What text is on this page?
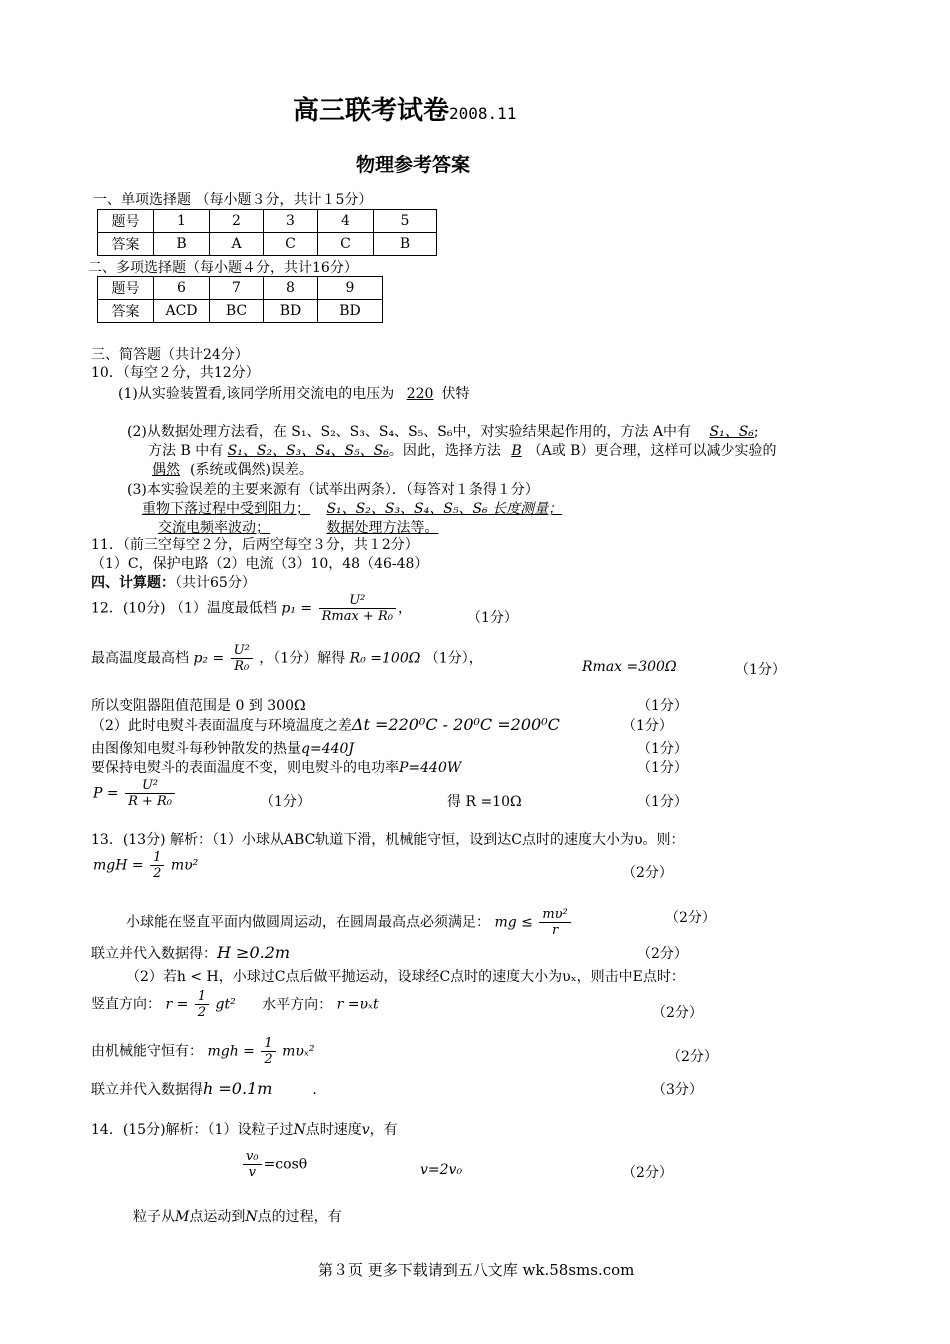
高三联考试卷2008.11
物理参考答案
一、单项选择题 （每小题３分，共计１5分）
题号	1	2	3	4	5
答案	B	A	C	C	B
二、多项选择题（每小题４分，共计16分）
题号	6	7	8	9
答案	ACD	BC	BD	BD
三、简答题（共计24分）
10．（每空２分，共12分）
(1)从实验装置看,该同学所用交流电的电压为 220 伏特
(2)从数据处理方法看，在 S₁、S₂、S₃、S₄、S₅、S₆中，对实验结果起作用的，方法 A中有 S₁、S₆;
方法 B 中有 S₁、S₂、S₃、S₄、S₅、S₆。因此，选择方法 B （A或 B）更合理，这样可以减少实验的
偶然 (系统或偶然)误差。
(3)本实验误差的主要来源有（试举出两条）．（每答对１条得１分）
重物下落过程中受到阻力； S₁、S₂、S₃、S₄、S₅、S₆ 长度测量；
交流电频率波动；	数据处理方法等。
11．（前三空每空２分，后两空每空３分，共１2分）
（1）C，保护电路（2）电流（3）10，48（46-48）
四、计算题：（共计65分）
12．(10分) （1）温度最低档 $p_1 = \frac{\text{U²}}{\text{Rmax + R₀}}$ ，
（1分）
最高温度最高档 $p_2 = \frac{\text{U²}}{\text{R₀}}$ ，（1分）解得 R₀ =100Ω （1分），
Rmax =300Ω	（1分）
所以变阻器阻值范围是 0 到 300Ω	（1分）
（2）此时电熨斗表面温度与环境温度之差Δt =220⁰C - 20⁰C =200⁰C	（1分）
由图像知电熨斗每秒钟散发的热量q=440J	（1分）
要保持电熨斗的表面温度不变，则电熨斗的电功率P=440W	（1分）
$P = \frac{\text{U²}}{\text{R + R₀}}$	（1分）	得 R =10Ω	（1分）
13．(13分) 解析：（1）小球从ABC轨道下滑，机械能守恒，设到达C点时的速度大小为υ。则：
mgH = $\frac{1}{2} m\upsilon^2$	（2分）
小球能在竖直平面内做圆周运动，在圆周最高点必须满足： mg ≤ $\frac{\text{mυ²}}{r}$	（2分）
联立并代入数据得：H ≥0.2m	（2分）
（2）若h < H，小球过C点后做平抛运动，设球经C点时的速度大小为υₓ，则击中E点时：
竖直方向： $r = \frac{1}{2} gt^2$ 水平方向： r =υₓt
（2分）
由机械能守恒有： mgh = $\frac{1}{2} m\upsilon_x^2$	（2分）
联立并代入数据得h =0.1m	.	（3分）
14．(15分)解析：（1）设粒子过N点时速度v，有
$\frac{\text{v₀}}{v} =\cos\theta$	v=2v₀	（2分）
粒子从M点运动到N点的过程，有
第３页 更多下载请到五八文库 wk.58sms.com
